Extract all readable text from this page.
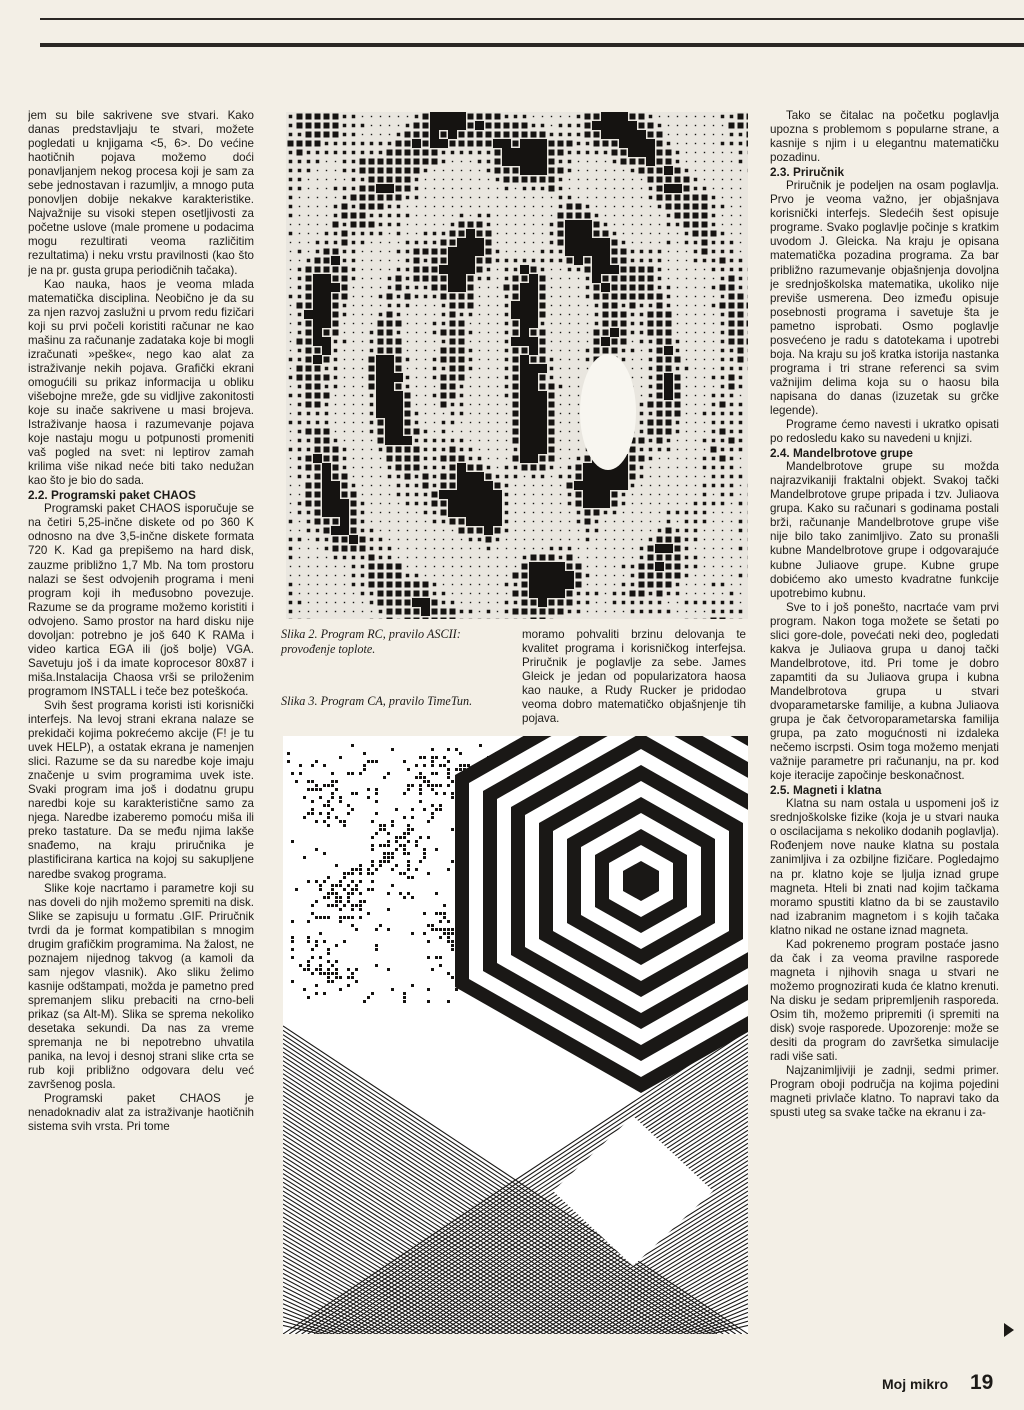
jem su bile sakrivene sve stvari. Kako danas predstavljaju te stvari, možete pogledati u knjigama <5, 6>. Do većine haotičnih pojava možemo doći ponavljanjem nekog procesa koji je sam za sebe jednostavan i razumljiv, a mnogo puta ponovljen dobije nekakve karakteristike. Najvažnije su visoki stepen osetljivosti za početne uslove (male promene u podacima mogu rezultirati veoma različitim rezultatima) i neku vrstu pravilnosti (kao što je na pr. gusta grupa periodičnih tačaka).

Kao nauka, haos je veoma mlada matematička disciplina. Neobično je da su za njen razvoj zaslužni u prvom redu fizičari koji su prvi počeli koristiti računar ne kao mašinu za računanje zadataka koje bi mogli izračunati »peške«, nego kao alat za istraživanje nekih pojava. Grafički ekrani omogućili su prikaz informacija u obliku višebojne mreže, gde su vidljive zakonitosti koje su inače sakrivene u masi brojeva. Istraživanje haosa i razumevanje pojava koje nastaju mogu u potpunosti promeniti vaš pogled na svet: ni leptirov zamah krilima više nikad neće biti tako nedužan kao što je bio do sada.

2.2. Programski paket CHAOS

Programski paket CHAOS isporučuje se na četiri 5,25-inčne diskete od po 360 K odnosno na dve 3,5-inčne diskete formata 720 K. Kad ga prepišemo na hard disk, zauzme približno 1,7 Mb. Na tom prostoru nalazi se šest odvojenih programa i meni program koji ih međusobno povezuje. Razume se da programe možemo koristiti i odvojeno. Samo prostor na hard disku nije dovoljan: potrebno je još 640 K RAMa i video kartica EGA ili (još bolje) VGA. Savetuju još i da imate koprocesor 80x87 i miša.Instalacija Chaosa vrši se priloženim programom INSTALL i teče bez poteškoća.

Svih šest programa koristi isti korisnički interfejs. Na levoj strani ekrana nalaze se prekidači kojima pokrećemo akcije (F! je tu uvek HELP), a ostatak ekrana je namenjen slici. Razume se da su naredbe koje imaju značenje u svim programima uvek iste. Svaki program ima još i dodatnu grupu naredbi koje su karakteristične samo za njega. Naredbe izaberemo pomoću miša ili preko tastature. Da se među njima lakše snađemo, na kraju priručnika je plastificirana kartica na kojoj su sakupljene naredbe svakog programa.

Slike koje nacrtamo i parametre koji su nas doveli do njih možemo spremiti na disk. Slike se zapisuju u formatu .GIF. Priručnik tvrdi da je format kompatibilan s mnogim drugim grafičkim programima. Na žalost, ne poznajem nijednog takvog (a kamoli da sam njegov vlasnik). Ako sliku želimo kasnije odštampati, možda je pametno pred spremanjem sliku prebaciti na crno-beli prikaz (sa Alt-M). Slika se sprema nekoliko desetaka sekundi. Da nas za vreme spremanja ne bi nepotrebno uhvatila panika, na levoj i desnoj strani slike crta se rub koji približno odgovara delu već završenog posla.

Programski paket CHAOS je nenadoknadiv alat za istraživanje haotičnih sistema svih vrsta. Pri tome

Tako se čitalac na početku poglavlja upozna s problemom s popularne strane, a kasnije s njim i u elegantnu matematičku pozadinu.

2.3. Priručnik

Priručnik je podeljen na osam poglavlja. Prvo je veoma važno, jer objašnjava korisnički interfejs. Sledećih šest opisuje programe. Svako poglavlje počinje s kratkim uvodom J. Gleicka. Na kraju je opisana matematička pozadina programa. Za bar približno razumevanje objašnjenja dovoljna je srednjoškolska matematika, ukoliko nije previše usmerena. Deo između opisuje posebnosti programa i savetuje šta je pametno isprobati. Osmo poglavlje posvećeno je radu s datotekama i upotrebi boja. Na kraju su još kratka istorija nastanka programa i tri strane referenci sa svim važnijim delima koja su o haosu bila napisana do danas (izuzetak su grčke legende).

Programe ćemo navesti i ukratko opisati po redosledu kako su navedeni u knjizi.

2.4. Mandelbrotove grupe

Mandelbrotove grupe su možda najrazvikaniji fraktalni objekt. Svakoj tački Mandelbrotove grupe pripada i tzv. Juliaova grupa. Kako su računari s godinama postali brži, računanje Mandelbrotove grupe više nije bilo tako zanimljivo. Zato su pronašli kubne Mandelbrotove grupe i odgovarajuće kubne Juliaove grupe. Kubne grupe dobićemo ako umesto kvadratne funkcije upotrebimo kubnu.

Sve to i još ponešto, nacrtaće vam prvi program. Nakon toga možete se šetati po slici gore-dole, povećati neki deo, pogledati kakva je Juliaova grupa u danoj tački Mandelbrotove, itd. Pri tome je dobro zapamtiti da su Juliaova grupa i kubna Mandelbrotova grupa u stvari dvoparametarske familije, a kubna Juliaova grupa je čak četvoroparametarska familija grupa, pa zato mogućnosti ni izdaleka nečemo iscrpsti. Osim toga možemo menjati važnije parametre pri računanju, na pr. kod koje iteracije započinje beskonačnost.

2.5. Magneti i klatna

Klatna su nam ostala u uspomeni još iz srednjoškolske fizike (koja je u stvari nauka o oscilacijama s nekoliko dodanih poglavlja). Rođenjem nove nauke klatna su postala zanimljiva i za ozbiljne fizičare. Pogledajmo na pr. klatno koje se ljulja iznad grupe magneta. Hteli bi znati nad kojim tačkama moramo spustiti klatno da bi se zaustavilo nad izabranim magnetom i s kojih tačaka klatno nikad ne ostane iznad magneta.

Kad pokrenemo program postaće jasno da čak i za veoma pravilne rasporede magneta i njihovih snaga u stvari ne možemo prognozirati kuda će klatno krenuti. Na disku je sedam pripremljenih rasporeda. Osim tih, možemo pripremiti (i spremiti na disk) svoje rasporede. Upozorenje: može se desiti da program do završetka simulacije radi više sati.

Najzanimljiviji je zadnji, sedmi primer. Program oboji područja na kojima pojedini magneti privlače klatno. To napravi tako da spusti uteg sa svake tačke na ekranu i za-

moramo pohvaliti brzinu delovanja te kvalitet programa i korisničkog interfejsa. Priručnik je poglavlje za sebe. James Gleick je jedan od popularizatora haosa kao nauke, a Rudy Rucker je pridodao veoma dobro matematičko objašnjenje tih pojava.

Slika 2. Program RC, pravilo ASCII: provođenje toplote.
Slika 3. Program CA, pravilo TimeTun.
Moj mikro 19
